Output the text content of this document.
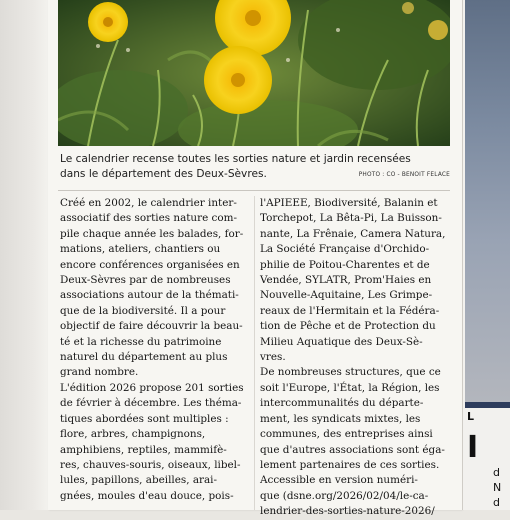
Le calendrier recense toutes les sorties nature et jardin recensées
dans le département des Deux-Sèvres.	PHOTO : CO - BENOIT FELACE
Créé en 2002, le calendrier inter-
associatif des sorties nature com-
pile chaque année les balades, for-
mations, ateliers, chantiers ou
encore conférences organisées en
Deux-Sèvres par de nombreuses
associations autour de la thémati-
que de la biodiversité. Il a pour
objectif de faire découvrir la beau-
té et la richesse du patrimoine
naturel du département au plus
grand nombre.
L'édition 2026 propose 201 sorties
de février à décembre. Les théma-
tiques abordées sont multiples :
flore, arbres, champignons,
amphibiens, reptiles, mammifè-
res, chauves-souris, oiseaux, libel-
lules, papillons, abeilles, arai-
gnées, moules d'eau douce, pois-
l'APIEEE, Biodiversité, Balanin et
Torchepot, La Bêta-Pi, La Buisson-
nante, La Frênaie, Camera Natura,
La Société Française d'Orchido-
philie de Poitou-Charentes et de
Vendée, SYLATR, Prom'Haies en
Nouvelle-Aquitaine, Les Grimpe-
reaux de l'Hermitain et la Fédéra-
tion de Pêche et de Protection du
Milieu Aquatique des Deux-Sè-
vres.
De nombreuses structures, que ce
soit l'Europe, l'État, la Région, les
intercommunalités du départe-
ment, les syndicats mixtes, les
communes, des entreprises ainsi
que d'autres associations sont éga-
lement partenaires de ces sorties.
Accessible en version numéri-
que (dsne.org/2026/02/04/le-ca-
lendrier-des-sorties-nature-2026/
L
I
d
N
d
